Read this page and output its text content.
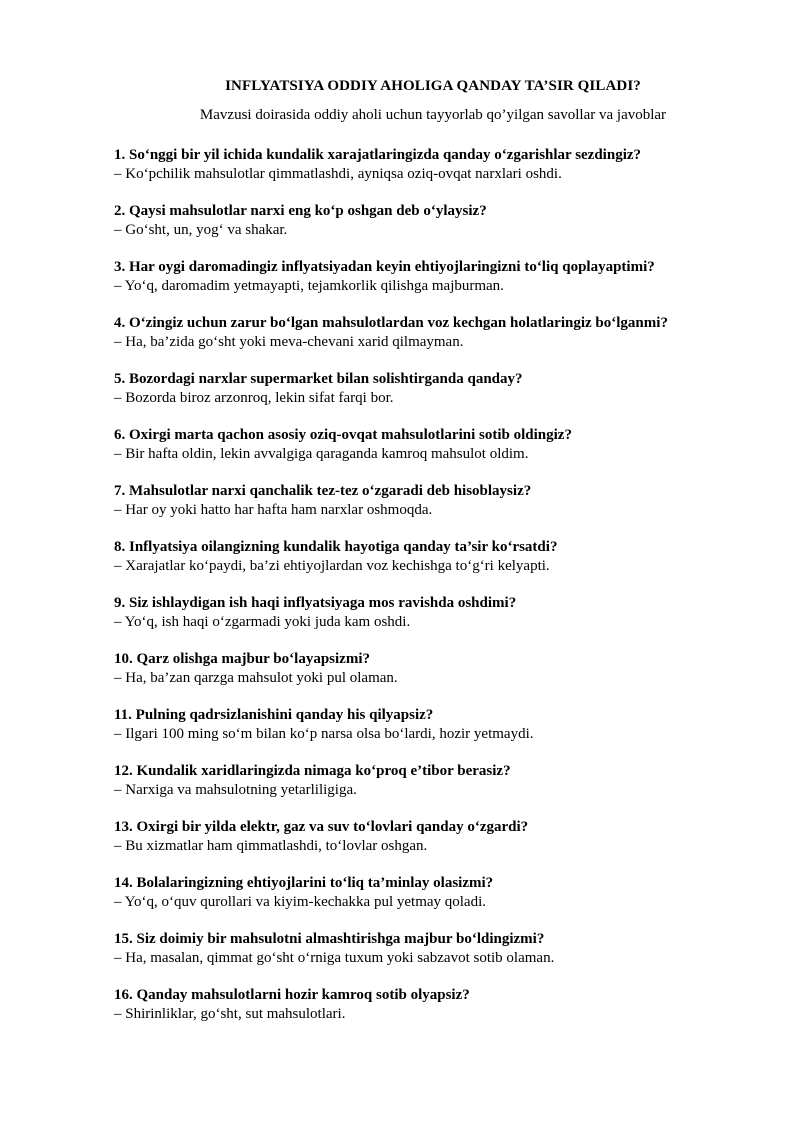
INFLYATSIYA ODDIY AHOLIGA QANDAY TA’SIR QILADI?
Mavzusi doirasida oddiy aholi uchun tayyorlab qo’yilgan savollar va javoblar
1. So‘nggi bir yil ichida kundalik xarajatlaringizda qanday o‘zgarishlar sezdingiz?
– Ko‘pchilik mahsulotlar qimmatlashdi, ayniqsa oziq-ovqat narxlari oshdi.
2. Qaysi mahsulotlar narxi eng ko‘p oshgan deb o‘ylaysiz?
– Go‘sht, un, yog‘ va shakar.
3. Har oygi daromadingiz inflyatsiyadan keyin ehtiyojlaringizni to‘liq qoplayaptimi?
– Yo‘q, daromadim yetmayapti, tejamkorlik qilishga majburman.
4. O‘zingiz uchun zarur bo‘lgan mahsulotlardan voz kechgan holatlaringiz bo‘lganmi?
– Ha, ba’zida go‘sht yoki meva-chevani xarid qilmayman.
5. Bozordagi narxlar supermarket bilan solishtirganda qanday?
– Bozorda biroz arzonroq, lekin sifat farqi bor.
6. Oxirgi marta qachon asosiy oziq-ovqat mahsulotlarini sotib oldingiz?
– Bir hafta oldin, lekin avvalgiga qaraganda kamroq mahsulot oldim.
7. Mahsulotlar narxi qanchalik tez-tez o‘zgaradi deb hisoblaysiz?
– Har oy yoki hatto har hafta ham narxlar oshmoqda.
8. Inflyatsiya oilangizning kundalik hayotiga qanday ta’sir ko‘rsatdi?
– Xarajatlar ko‘paydi, ba’zi ehtiyojlardan voz kechishga to‘g‘ri kelyapti.
9. Siz ishlaydigan ish haqi inflyatsiyaga mos ravishda oshdimi?
– Yo‘q, ish haqi o‘zgarmadi yoki juda kam oshdi.
10. Qarz olishga majbur bo‘layapsizmi?
– Ha, ba’zan qarzga mahsulot yoki pul olaman.
11. Pulning qadrsizlanishini qanday his qilyapsiz?
– Ilgari 100 ming so‘m bilan ko‘p narsa olsa bo‘lardi, hozir yetmaydi.
12. Kundalik xaridlaringizda nimaga ko‘proq e’tibor berasiz?
– Narxiga va mahsulotning yetarliligiga.
13. Oxirgi bir yilda elektr, gaz va suv to‘lovlari qanday o‘zgardi?
– Bu xizmatlar ham qimmatlashdi, to‘lovlar oshgan.
14. Bolalaringizning ehtiyojlarini to‘liq ta’minlay olasizmi?
– Yo‘q, o‘quv qurollari va kiyim-kechakka pul yetmay qoladi.
15. Siz doimiy bir mahsulotni almashtirishga majbur bo‘ldingizmi?
– Ha, masalan, qimmat go‘sht o‘rniga tuxum yoki sabzavot sotib olaman.
16. Qanday mahsulotlarni hozir kamroq sotib olyapsiz?
– Shirinliklar, go‘sht, sut mahsulotlari.
